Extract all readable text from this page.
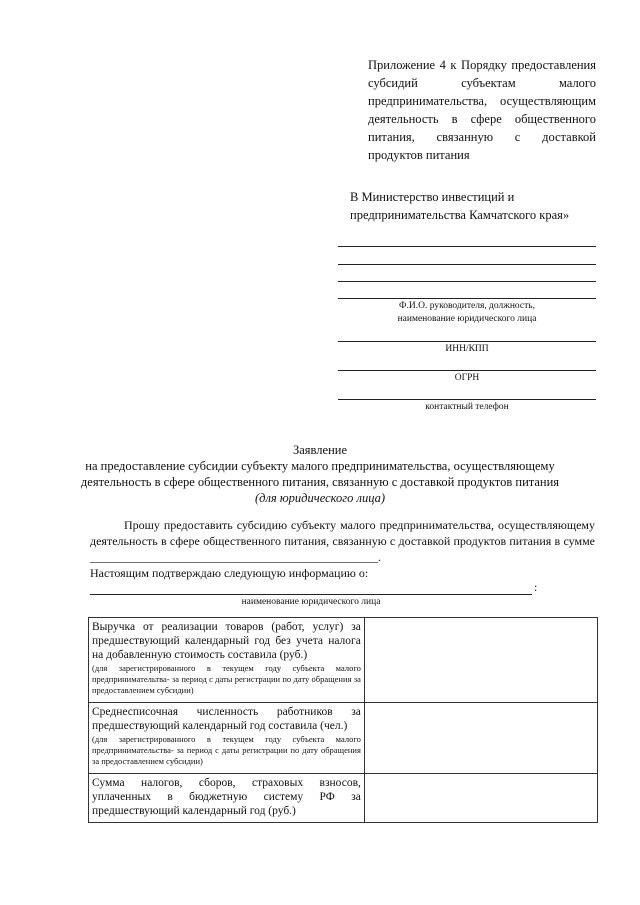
Приложение 4 к Порядку предоставления субсидий субъектам малого предпринимательства, осуществляющим деятельность в сфере общественного питания, связанную с доставкой продуктов питания
В Министерство инвестиций и предпринимательства Камчатского края»
Ф.И.О. руководителя, должность,
наименование юридического лица
ИНН/КПП
ОГРН
контактный телефон
Заявление
на предоставление субсидии субъекту малого предпринимательства, осуществляющему
деятельность в сфере общественного питания, связанную с доставкой продуктов питания
(для юридического лица)
Прошу предоставить субсидию субъекту малого предпринимательства, осуществляющему деятельность в сфере общественного питания, связанную с доставкой продуктов питания в сумме ________________________________________________.
Настоящим подтверждаю следующую информацию о:
:
наименование юридического лица
Выручка от реализации товаров (работ, услуг) за предшествующий календарный год без учета налога на добавленную стоимость составила (руб.)
(для зарегистрированного в текущем году субъекта малого предпринимательтва- за период с даты регистрации по дату обращения за предоставлением субсидии)	

Среднесписочная численность работников за предшествующий календарный год составила (чел.)
(для зарегистрированного в текущем году субъекта малого предпринимательства- за период с даты регистрации по дату обращения за предоставлением субсидии)	

Сумма налогов, сборов, страховых взносов, уплаченных в бюджетную систему РФ за предшествующий календарный год (руб.)	
